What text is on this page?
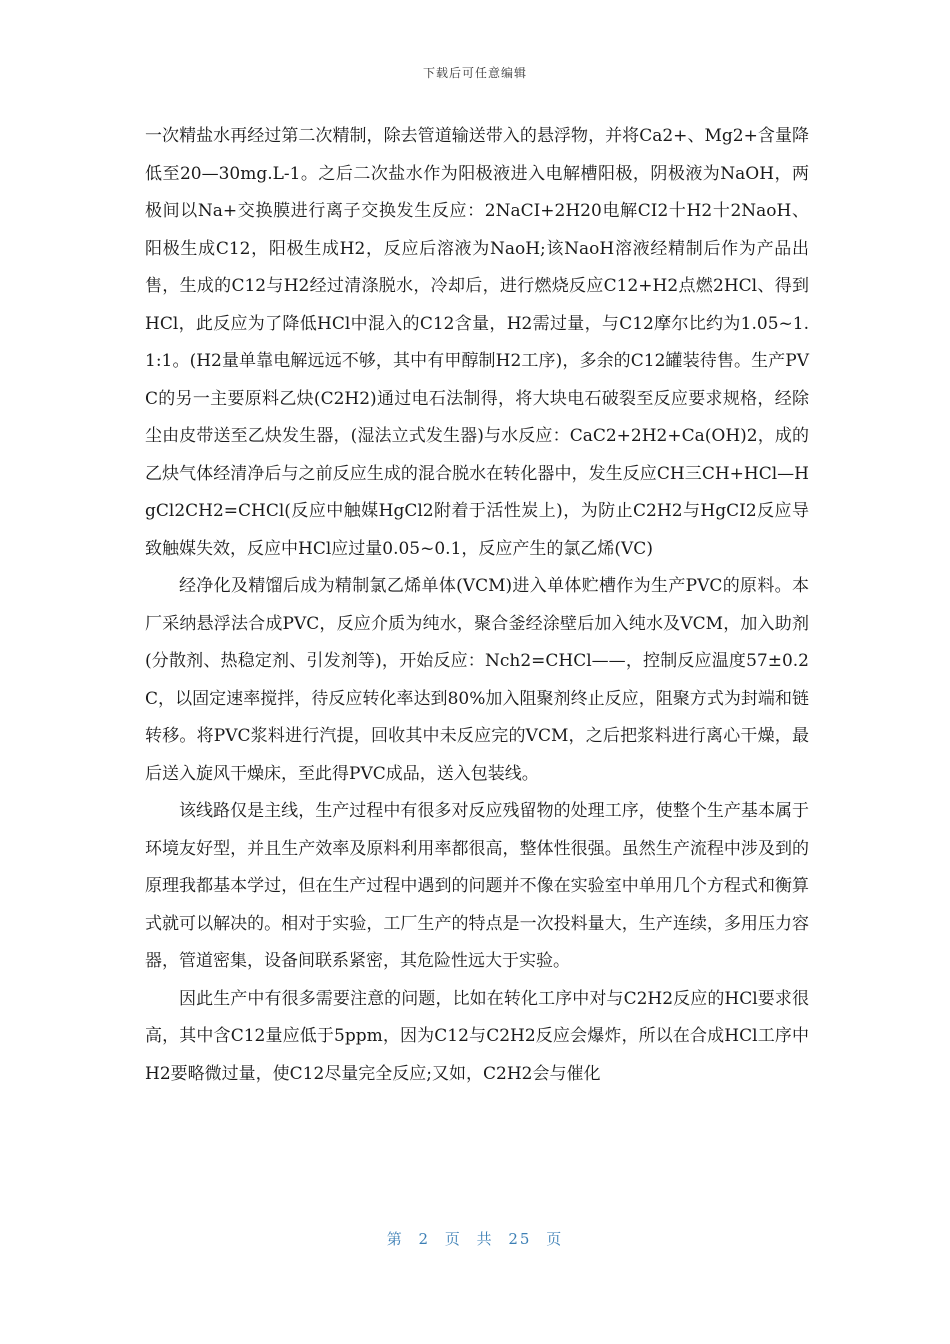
下载后可任意编辑

一次精盐水再经过第二次精制，除去管道输送带入的悬浮物，并将Ca2+、Mg2+含量降低至20—30mg.L-1。之后二次盐水作为阳极液进入电解槽阳极，阴极液为NaOH，两极间以Na+交换膜进行离子交换发生反应：2NaCI+2H20电解CI2十H2十2NaoH、阳极生成C12，阳极生成H2，反应后溶液为NaoH;该NaoH溶液经精制后作为产品出售，生成的C12与H2经过清涤脱水，冷却后，进行燃烧反应C12+H2点燃2HCl、得到HCl，此反应为了降低HCl中混入的C12含量，H2需过量，与C12摩尔比约为1.05~1.1:1。(H2量单靠电解远远不够，其中有甲醇制H2工序)，多余的C12罐装待售。生产PVC的另一主要原料乙炔(C2H2)通过电石法制得，将大块电石破裂至反应要求规格，经除尘由皮带送至乙炔发生器，(湿法立式发生器)与水反应：CaC2+2H2+Ca(OH)2，成的乙炔气体经清净后与之前反应生成的混合脱水在转化器中，发生反应CH三CH+HCl—HgCl2CH2=CHCl(反应中触媒HgCl2附着于活性炭上)，为防止C2H2与HgCI2反应导致触媒失效，反应中HCl应过量0.05~0.1，反应产生的氯乙烯(VC)

经净化及精馏后成为精制氯乙烯单体(VCM)进入单体贮槽作为生产PVC的原料。本厂采纳悬浮法合成PVC，反应介质为纯水，聚合釜经涂壁后加入纯水及VCM，加入助剂(分散剂、热稳定剂、引发剂等)，开始反应：Nch2=CHCl——，控制反应温度57±0.2C，以固定速率搅拌，待反应转化率达到80%加入阻聚剂终止反应，阻聚方式为封端和链转移。将PVC浆料进行汽提，回收其中未反应完的VCM，之后把浆料进行离心干燥，最后送入旋风干燥床，至此得PVC成品，送入包装线。

该线路仅是主线，生产过程中有很多对反应残留物的处理工序，使整个生产基本属于环境友好型，并且生产效率及原料利用率都很高，整体性很强。虽然生产流程中涉及到的原理我都基本学过，但在生产过程中遇到的问题并不像在实验室中单用几个方程式和衡算式就可以解决的。相对于实验，工厂生产的特点是一次投料量大，生产连续，多用压力容器，管道密集，设备间联系紧密，其危险性远大于实验。

因此生产中有很多需要注意的问题，比如在转化工序中对与C2H2反应的HCl要求很高，其中含C12量应低于5ppm，因为C12与C2H2反应会爆炸，所以在合成HCl工序中H2要略微过量，使C12尽量完全反应;又如，C2H2会与催化

第 2 页 共 25 页
